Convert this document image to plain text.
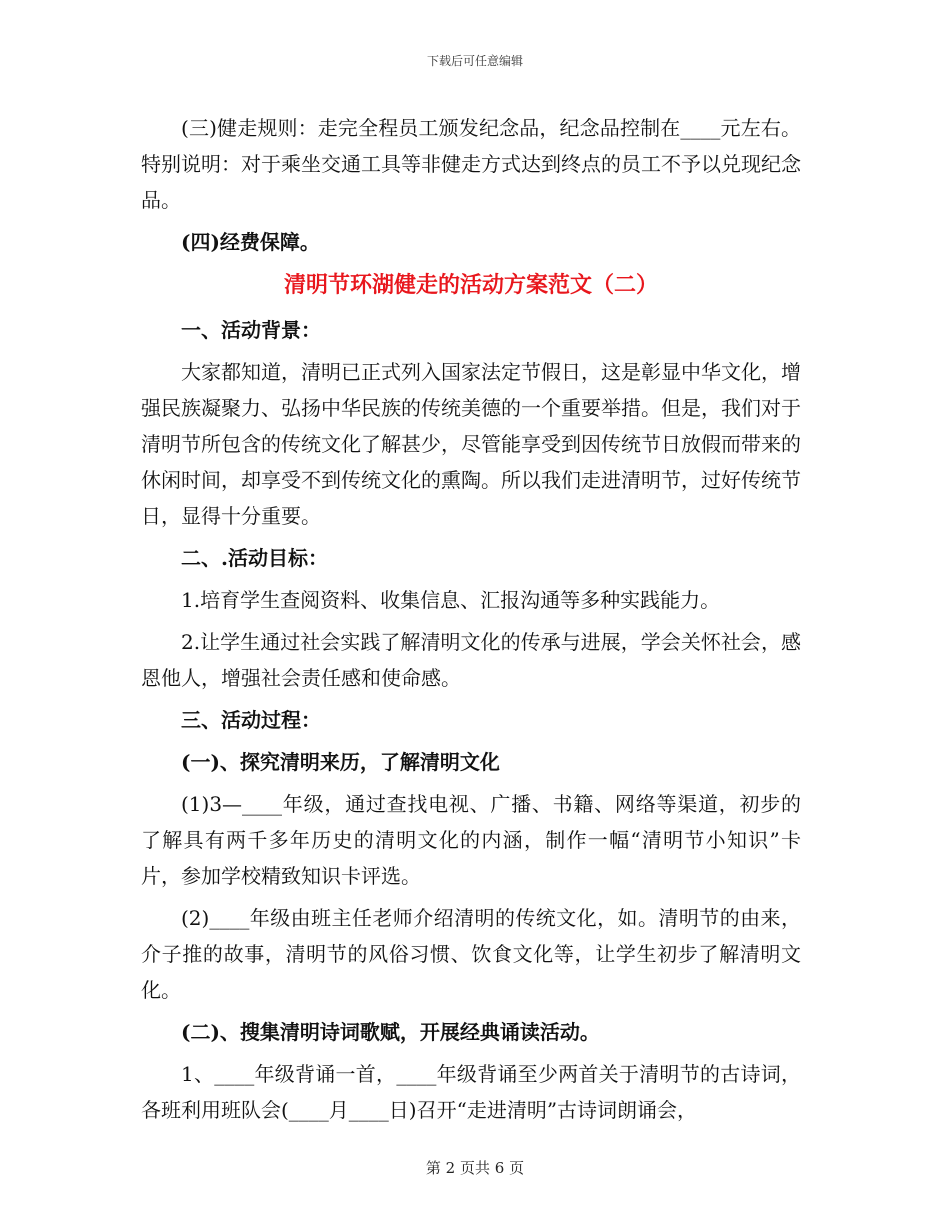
下载后可任意编辑

(三)健走规则：走完全程员工颁发纪念品，纪念品控制在____元左右。特别说明：对于乘坐交通工具等非健走方式达到终点的员工不予以兑现纪念品。

(四)经费保障。

清明节环湖健走的活动方案范文（二）

一、活动背景：

大家都知道，清明已正式列入国家法定节假日，这是彰显中华文化，增强民族凝聚力、弘扬中华民族的传统美德的一个重要举措。但是，我们对于清明节所包含的传统文化了解甚少，尽管能享受到因传统节日放假而带来的休闲时间，却享受不到传统文化的熏陶。所以我们走进清明节，过好传统节日，显得十分重要。

二、.活动目标：

1.培育学生查阅资料、收集信息、汇报沟通等多种实践能力。

2.让学生通过社会实践了解清明文化的传承与进展，学会关怀社会，感恩他人，增强社会责任感和使命感。

三、活动过程：

(一)、探究清明来历，了解清明文化

(1)3—____年级，通过查找电视、广播、书籍、网络等渠道，初步的了解具有两千多年历史的清明文化的内涵，制作一幅“清明节小知识”卡片，参加学校精致知识卡评选。

(2)____年级由班主任老师介绍清明的传统文化，如。清明节的由来，介子推的故事，清明节的风俗习惯、饮食文化等，让学生初步了解清明文化。

(二)、搜集清明诗词歌赋，开展经典诵读活动。

1、____年级背诵一首，____年级背诵至少两首关于清明节的古诗词，各班利用班队会(____月____日)召开“走进清明”古诗词朗诵会，

第 2 页共 6 页
